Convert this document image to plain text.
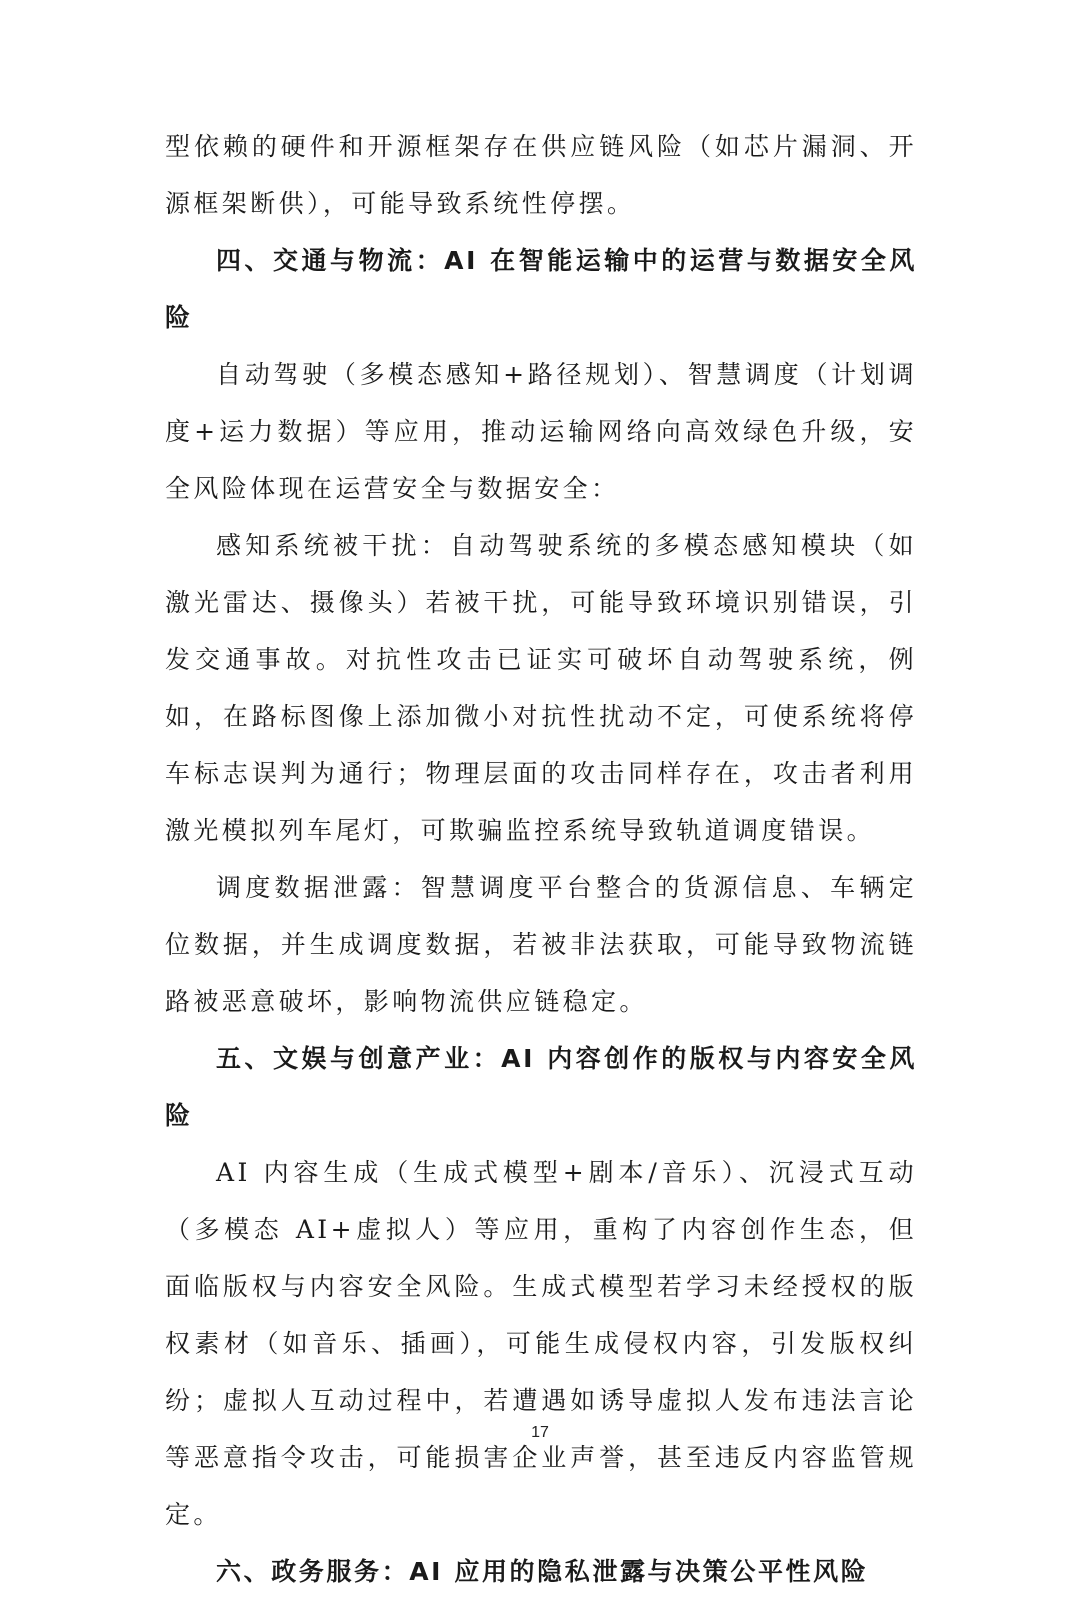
型依赖的硬件和开源框架存在供应链风险（如芯片漏洞、开源框架断供），可能导致系统性停摆。

四、交通与物流：AI 在智能运输中的运营与数据安全风险

自动驾驶（多模态感知+路径规划）、智慧调度（计划调度+运力数据）等应用，推动运输网络向高效绿色升级，安全风险体现在运营安全与数据安全：

感知系统被干扰：自动驾驶系统的多模态感知模块（如激光雷达、摄像头）若被干扰，可能导致环境识别错误，引发交通事故。对抗性攻击已证实可破坏自动驾驶系统，例如，在路标图像上添加微小对抗性扰动不定，可使系统将停车标志误判为通行；物理层面的攻击同样存在，攻击者利用激光模拟列车尾灯，可欺骗监控系统导致轨道调度错误。

调度数据泄露：智慧调度平台整合的货源信息、车辆定位数据，并生成调度数据，若被非法获取，可能导致物流链路被恶意破坏，影响物流供应链稳定。

五、文娱与创意产业：AI 内容创作的版权与内容安全风险

AI 内容生成（生成式模型+剧本/音乐）、沉浸式互动（多模态 AI+虚拟人）等应用，重构了内容创作生态，但面临版权与内容安全风险。生成式模型若学习未经授权的版权素材（如音乐、插画），可能生成侵权内容，引发版权纠纷；虚拟人互动过程中，若遭遇如诱导虚拟人发布违法言论等恶意指令攻击，可能损害企业声誉，甚至违反内容监管规定。

六、政务服务：AI 应用的隐私泄露与决策公平性风险

17
